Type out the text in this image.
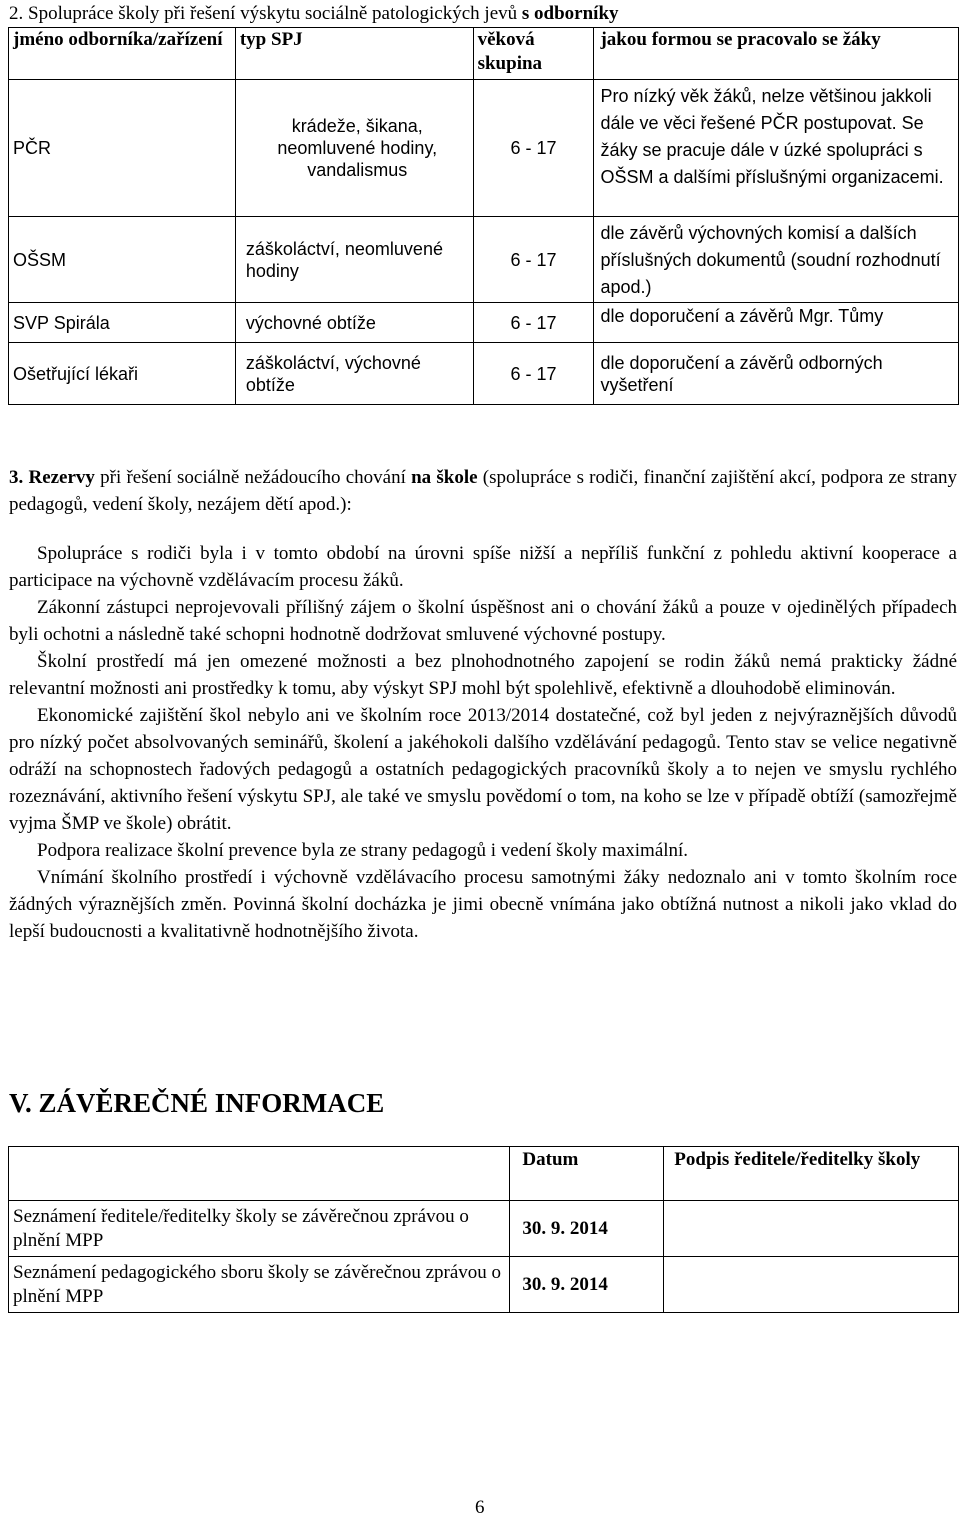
2. Spolupráce školy při řešení výskytu sociálně patologických jevů s odborníky
jméno odborníka/zařízení	typ SPJ	věková skupina	jakou formou se pracovalo se žáky
PČR	krádeže, šikana, neomluvené hodiny, vandalismus	6 - 17	Pro nízký věk žáků, nelze většinou jakkoli dále ve věci řešené PČR postupovat. Se žáky se pracuje dále v úzké spolupráci s OŠSM a dalšími příslušnými organizacemi.
OŠSM	záškoláctví, neomluvené hodiny	6 - 17	dle závěrů výchovných komisí a dalších příslušných dokumentů (soudní rozhodnutí apod.)
SVP Spirála	výchovné obtíže	6 - 17	dle doporučení a závěrů Mgr. Tůmy
Ošetřující lékaři	záškoláctví, výchovné obtíže	6 - 17	dle doporučení a závěrů odborných vyšetření

3. Rezervy při řešení sociálně nežádoucího chování na škole (spolupráce s rodiči, finanční zajištění akcí, podpora ze strany pedagogů, vedení školy, nezájem dětí apod.):

Spolupráce s rodiči byla i v tomto období na úrovni spíše nižší a nepříliš funkční z pohledu aktivní kooperace a participace na výchovně vzdělávacím procesu žáků.

Zákonní zástupci neprojevovali přílišný zájem o školní úspěšnost ani o chování žáků a pouze v ojedinělých případech byli ochotni a následně také schopni hodnotně dodržovat smluvené výchovné postupy.

Školní prostředí má jen omezené možnosti a bez plnohodnotného zapojení se rodin žáků nemá prakticky žádné relevantní možnosti ani prostředky k tomu, aby výskyt SPJ mohl být spolehlivě, efektivně a dlouhodobě eliminován.

Ekonomické zajištění škol nebylo ani ve školním roce 2013/2014 dostatečné, což byl jeden z nejvýraznějších důvodů pro nízký počet absolvovaných seminářů, školení a jakéhokoli dalšího vzdělávání pedagogů. Tento stav se velice negativně odráží na schopnostech řadových pedagogů a ostatních pedagogických pracovníků školy a to nejen ve smyslu rychlého rozeznávání, aktivního řešení výskytu SPJ, ale také ve smyslu povědomí o tom, na koho se lze v případě obtíží (samozřejmě vyjma ŠMP ve škole) obrátit.

Podpora realizace školní prevence byla ze strany pedagogů i vedení školy maximální.

Vnímání školního prostředí i výchovně vzdělávacího procesu samotnými žáky nedoznalo ani v tomto školním roce žádných výraznějších změn. Povinná školní docházka je jimi obecně vnímána jako obtížná nutnost a nikoli jako vklad do lepší budoucnosti a kvalitativně hodnotnějšího života.

V. ZÁVĚREČNÉ INFORMACE
	Datum	Podpis ředitele/ředitelky školy
Seznámení ředitele/ředitelky školy se závěrečnou zprávou o plnění MPP	30. 9. 2014	
Seznámení pedagogického sboru školy se závěrečnou zprávou o plnění MPP	30. 9. 2014	
6
